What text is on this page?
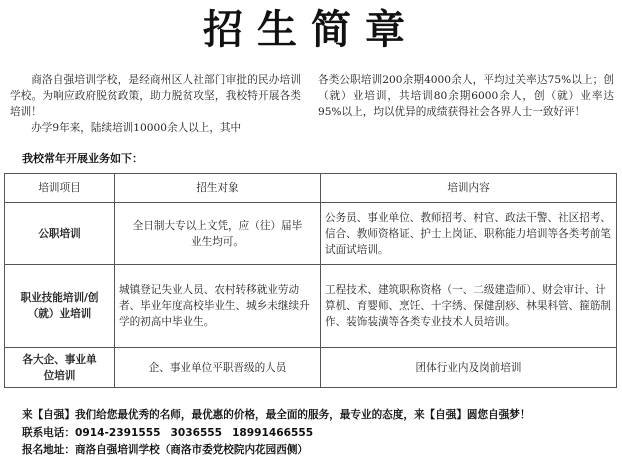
招生简章

商洛自强培训学校，是经商州区人社部门审批的民办培训学校。为响应政府脱贫政策，助力脱贫攻坚，我校特开展各类培训！

办学9年来，陆续培训10000余人以上，其中

各类公职培训200余期4000余人，平均过关率达75%以上；创（就）业培训，共培训80余期6000余人，创（就）业率达95%以上，均以优异的成绩获得社会各界人士一致好评！

我校常年开展业务如下：
培训项目	招生对象	培训内容
公职培训	全日制大专以上文凭，应（往）届毕业生均可。	公务员、事业单位、教师招考、村官、政法干警、社区招考、信合、教师资格证、护士上岗证、职称能力培训等各类考前笔试面试培训。
职业技能培训/创（就）业培训	城镇登记失业人员、农村转移就业劳动者、毕业年度高校毕业生、城乡未继续升学的初高中毕业生。	工程技术、建筑职称资格（一、二级建造师）、财会审计、计算机、育婴师、烹饪、十字绣、保健刮痧、林果科管、箍筋制作、装饰装潢等各类专业技术人员培训。
各大企、事业单位培训	企、事业单位平职晋级的人员	团体行业内及岗前培训
来【自强】我们给您最优秀的名师，最优惠的价格，最全面的服务，最专业的态度，来【自强】圆您自强梦！
联系电话：0914-2391555 3036555 18991466555
报名地址：商洛自强培训学校（商洛市委党校院内花园西侧）
